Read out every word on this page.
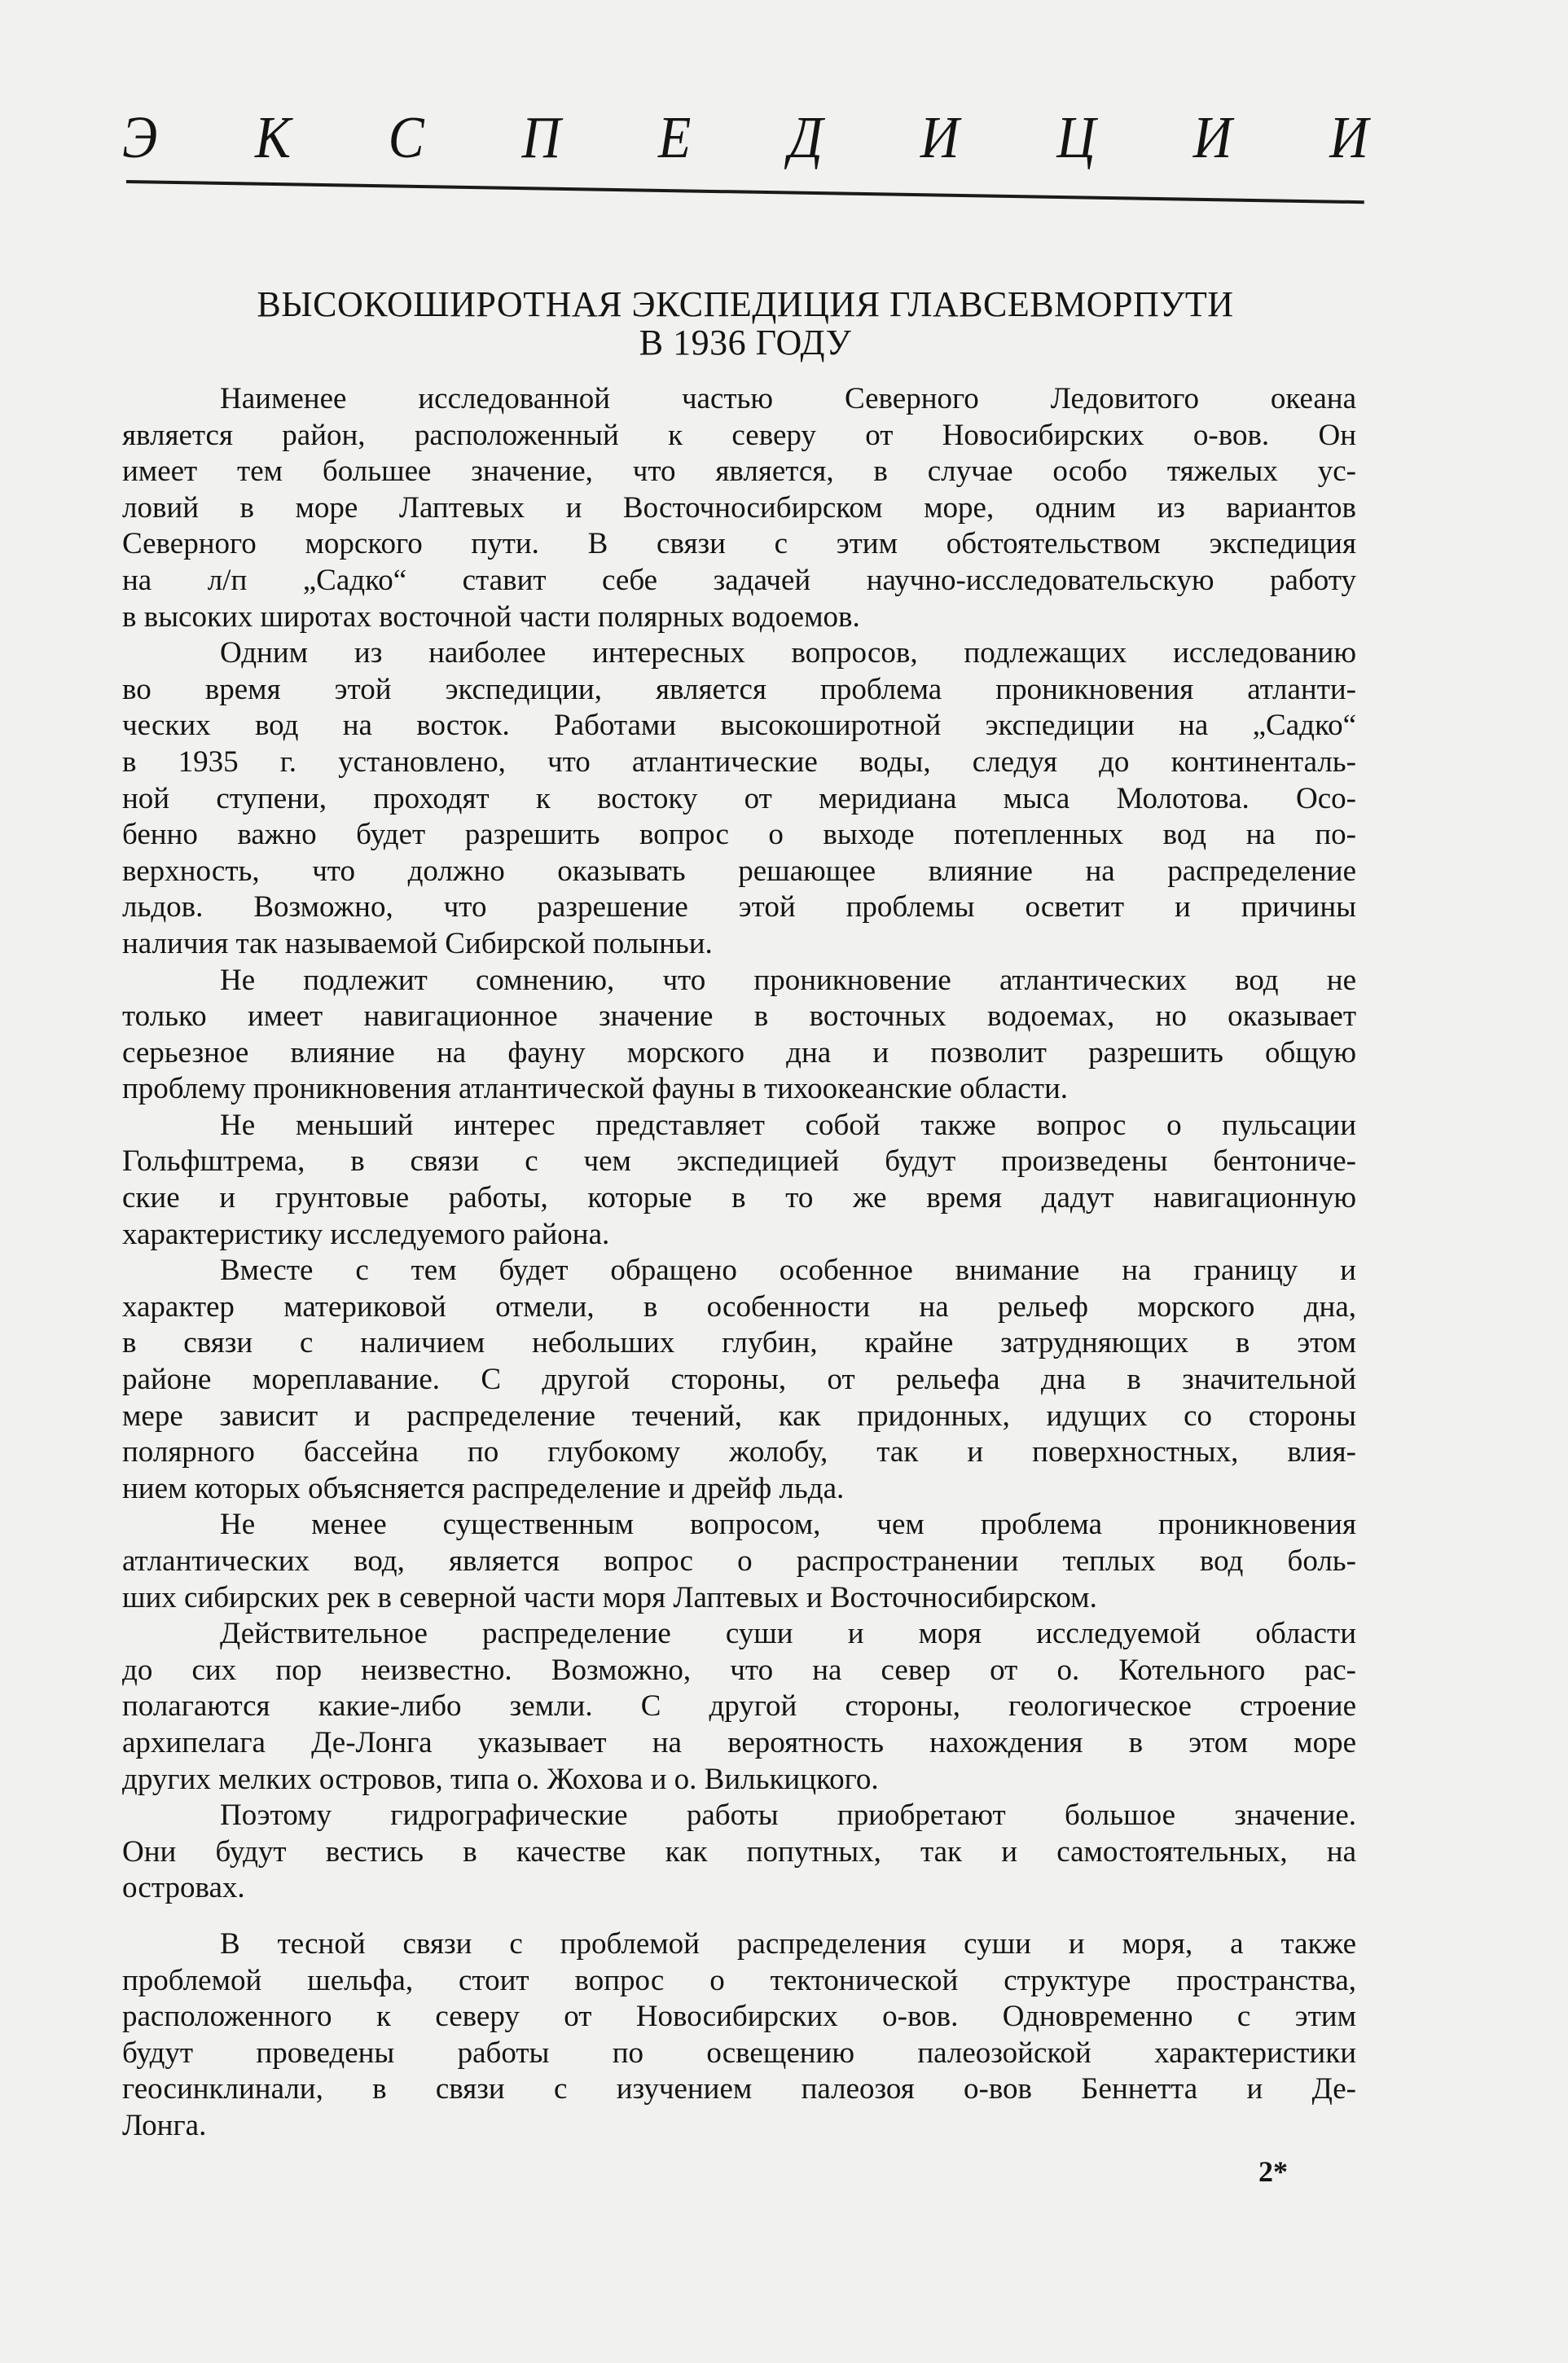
Э К С П Е Д И Ц И И
ВЫСОКОШИРОТНАЯ ЭКСПЕДИЦИЯ ГЛАВСЕВМОРПУТИ
В 1936 ГОДУ
Наименее исследованной частью Северного Ледовитого океана
является район, расположенный к северу от Новосибирских о-вов. Он
имеет тем большее значение, что является, в случае особо тяжелых ус-
ловий в море Лаптевых и Восточносибирском море, одним из вариантов
Северного морского пути. В связи с этим обстоятельством экспедиция
на л/п „Садко“ ставит себе задачей научно-исследовательскую работу
в высоких широтах восточной части полярных водоемов.
Одним из наиболее интересных вопросов, подлежащих исследованию
во время этой экспедиции, является проблема проникновения атланти-
ческих вод на восток. Работами высокоширотной экспедиции на „Садко“
в 1935 г. установлено, что атлантические воды, следуя до континенталь-
ной ступени, проходят к востоку от меридиана мыса Молотова. Осо-
бенно важно будет разрешить вопрос о выходе потепленных вод на по-
верхность, что должно оказывать решающее влияние на распределение
льдов. Возможно, что разрешение этой проблемы осветит и причины
наличия так называемой Сибирской полыньи.
Не подлежит сомнению, что проникновение атлантических вод не
только имеет навигационное значение в восточных водоемах, но оказывает
серьезное влияние на фауну морского дна и позволит разрешить общую
проблему проникновения атлантической фауны в тихоокеанские области.
Не меньший интерес представляет собой также вопрос о пульсации
Гольфштрема, в связи с чем экспедицией будут произведены бентониче-
ские и грунтовые работы, которые в то же время дадут навигационную
характеристику исследуемого района.
Вместе с тем будет обращено особенное внимание на границу и
характер материковой отмели, в особенности на рельеф морского дна,
в связи с наличием небольших глубин, крайне затрудняющих в этом
районе мореплавание. С другой стороны, от рельефа дна в значительной
мере зависит и распределение течений, как придонных, идущих со стороны
полярного бассейна по глубокому жолобу, так и поверхностных, влия-
нием которых объясняется распределение и дрейф льда.
Не менее существенным вопросом, чем проблема проникновения
атлантических вод, является вопрос о распространении теплых вод боль-
ших сибирских рек в северной части моря Лаптевых и Восточносибирском.
Действительное распределение суши и моря исследуемой области
до сих пор неизвестно. Возможно, что на север от о. Котельного рас-
полагаются какие-либо земли. С другой стороны, геологическое строение
архипелага Де-Лонга указывает на вероятность нахождения в этом море
других мелких островов, типа о. Жохова и о. Вилькицкого.
Поэтому гидрографические работы приобретают большое значение.
Они будут вестись в качестве как попутных, так и самостоятельных, на
островах.
В тесной связи с проблемой распределения суши и моря, а также
проблемой шельфа, стоит вопрос о тектонической структуре пространства,
расположенного к северу от Новосибирских о-вов. Одновременно с этим
будут проведены работы по освещению палеозойской характеристики
геосинклинали, в связи с изучением палеозоя о-вов Беннетта и Де-
Лонга.
2*
